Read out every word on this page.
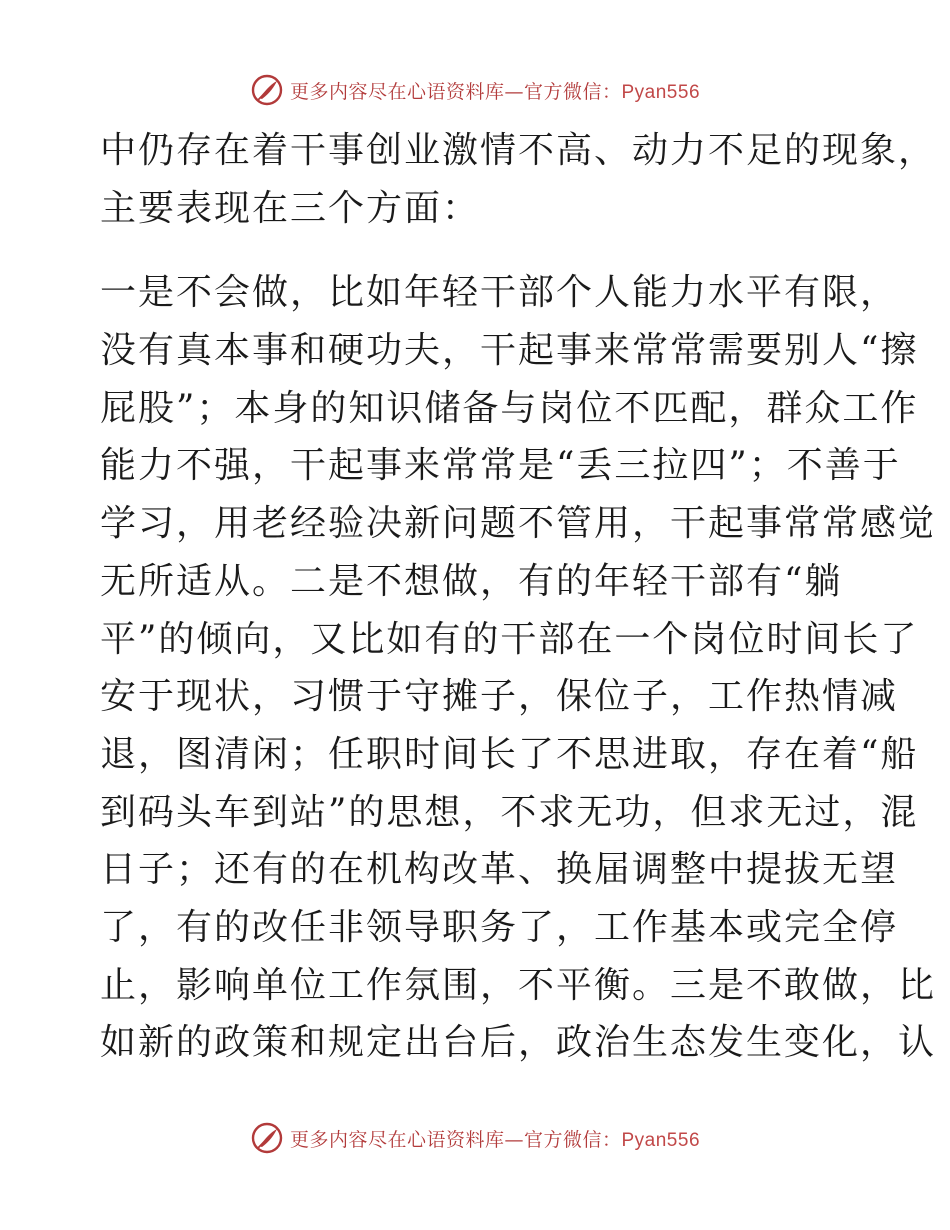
更多内容尽在心语资料库—官方微信：Pyan556
中仍存在着干事创业激情不高、动力不足的现象，
主要表现在三个方面：
一是不会做，比如年轻干部个人能力水平有限，
没有真本事和硬功夫，干起事来常常需要别人“擦
屁股”；本身的知识储备与岗位不匹配，群众工作
能力不强，干起事来常常是“丢三拉四”；不善于
学习，用老经验决新问题不管用，干起事常常感觉
无所适从。二是不想做，有的年轻干部有“躺
平”的倾向，又比如有的干部在一个岗位时间长了
安于现状，习惯于守摊子，保位子，工作热情减
退，图清闲；任职时间长了不思进取，存在着“船
到码头车到站”的思想，不求无功，但求无过，混
日子；还有的在机构改革、换届调整中提拔无望
了，有的改任非领导职务了，工作基本或完全停
止，影响单位工作氛围，不平衡。三是不敢做，比
如新的政策和规定出台后，政治生态发生变化，认
更多内容尽在心语资料库—官方微信：Pyan556
